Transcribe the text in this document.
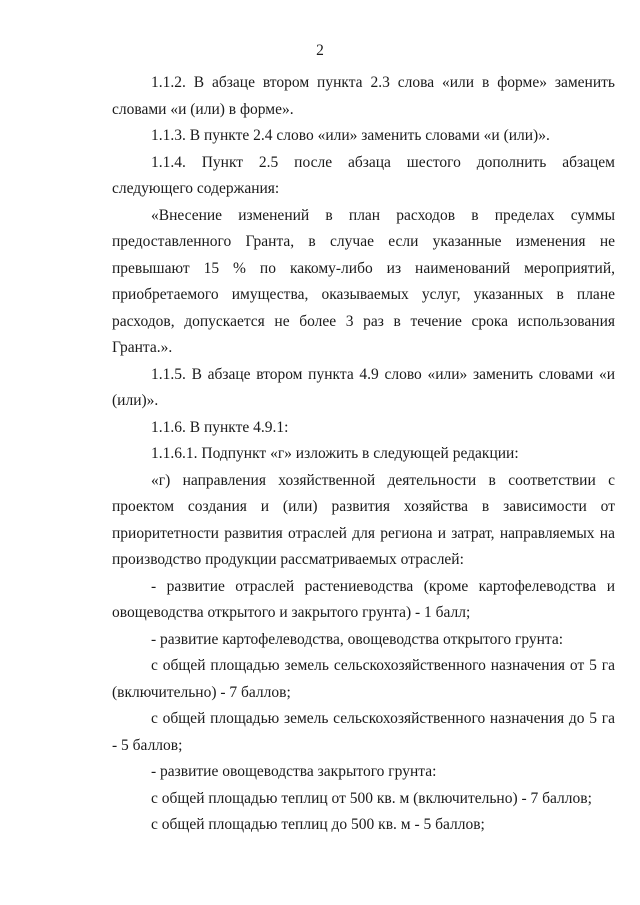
2

1.1.2. В абзаце втором пункта 2.3 слова «или в форме» заменить словами «и (или) в форме».

1.1.3. В пункте 2.4 слово «или» заменить словами «и (или)».

1.1.4. Пункт 2.5 после абзаца шестого дополнить абзацем следующего содержания:

«Внесение изменений в план расходов в пределах суммы предоставленного Гранта, в случае если указанные изменения не превышают 15 % по какому-либо из наименований мероприятий, приобретаемого имущества, оказываемых услуг, указанных в плане расходов, допускается не более 3 раз в течение срока использования Гранта.».

1.1.5. В абзаце втором пункта 4.9 слово «или» заменить словами «и (или)».

1.1.6. В пункте 4.9.1:

1.1.6.1. Подпункт «г» изложить в следующей редакции:

«г) направления хозяйственной деятельности в соответствии с проектом создания и (или) развития хозяйства в зависимости от приоритетности развития отраслей для региона и затрат, направляемых на производство продукции рассматриваемых отраслей:

- развитие отраслей растениеводства (кроме картофелеводства и овощеводства открытого и закрытого грунта) - 1 балл;

- развитие картофелеводства, овощеводства открытого грунта:

с общей площадью земель сельскохозяйственного назначения от 5 га (включительно) - 7 баллов;

с общей площадью земель сельскохозяйственного назначения до 5 га - 5 баллов;

- развитие овощеводства закрытого грунта:

с общей площадью теплиц от 500 кв. м (включительно) - 7 баллов;

с общей площадью теплиц до 500 кв. м - 5 баллов;
